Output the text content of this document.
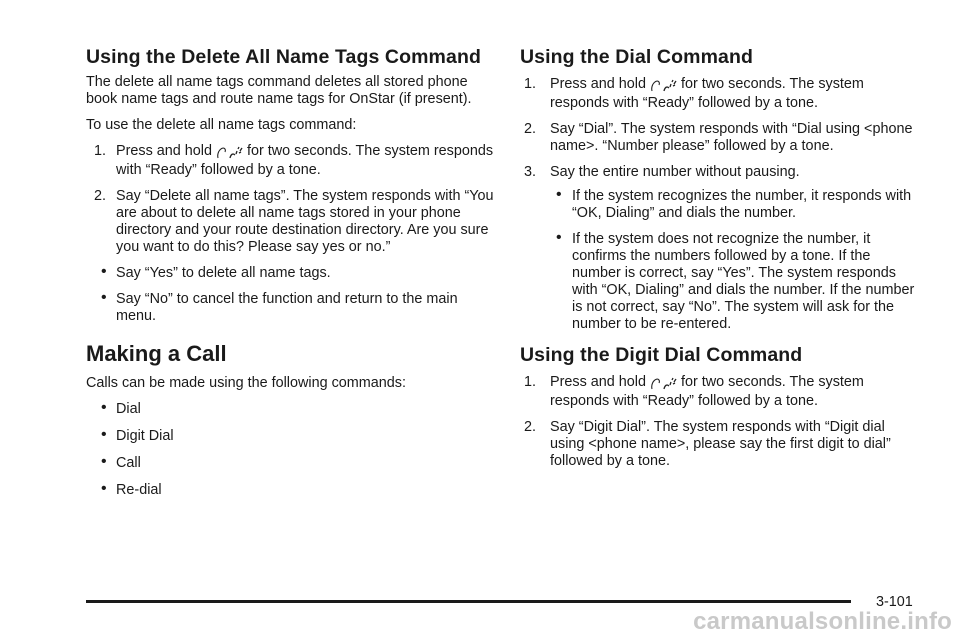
Using the Delete All Name Tags Command

The delete all name tags command deletes all stored phone book name tags and route name tags for OnStar (if present).

To use the delete all name tags command:

1. Press and hold for two seconds. The system responds with “Ready” followed by a tone.
2. Say “Delete all name tags”. The system responds with “You are about to delete all name tags stored in your phone directory and your route destination directory. Are you sure you want to do this? Please say yes or no.”
• Say “Yes” to delete all name tags.
• Say “No” to cancel the function and return to the main menu.
Making a Call

Calls can be made using the following commands:

• Dial
• Digit Dial
• Call
• Re-dial
Using the Dial Command
1. Press and hold for two seconds. The system responds with “Ready” followed by a tone.
2. Say “Dial”. The system responds with “Dial using <phone name>. “Number please” followed by a tone.
3. Say the entire number without pausing.
• If the system recognizes the number, it responds with “OK, Dialing” and dials the number.
• If the system does not recognize the number, it confirms the numbers followed by a tone. If the number is correct, say “Yes”. The system responds with “OK, Dialing” and dials the number. If the number is not correct, say “No”. The system will ask for the number to be re-entered.
Using the Digit Dial Command
1. Press and hold for two seconds. The system responds with “Ready” followed by a tone.
2. Say “Digit Dial”. The system responds with “Digit dial using <phone name>, please say the first digit to dial” followed by a tone.
3-101
carmanualsonline.info
